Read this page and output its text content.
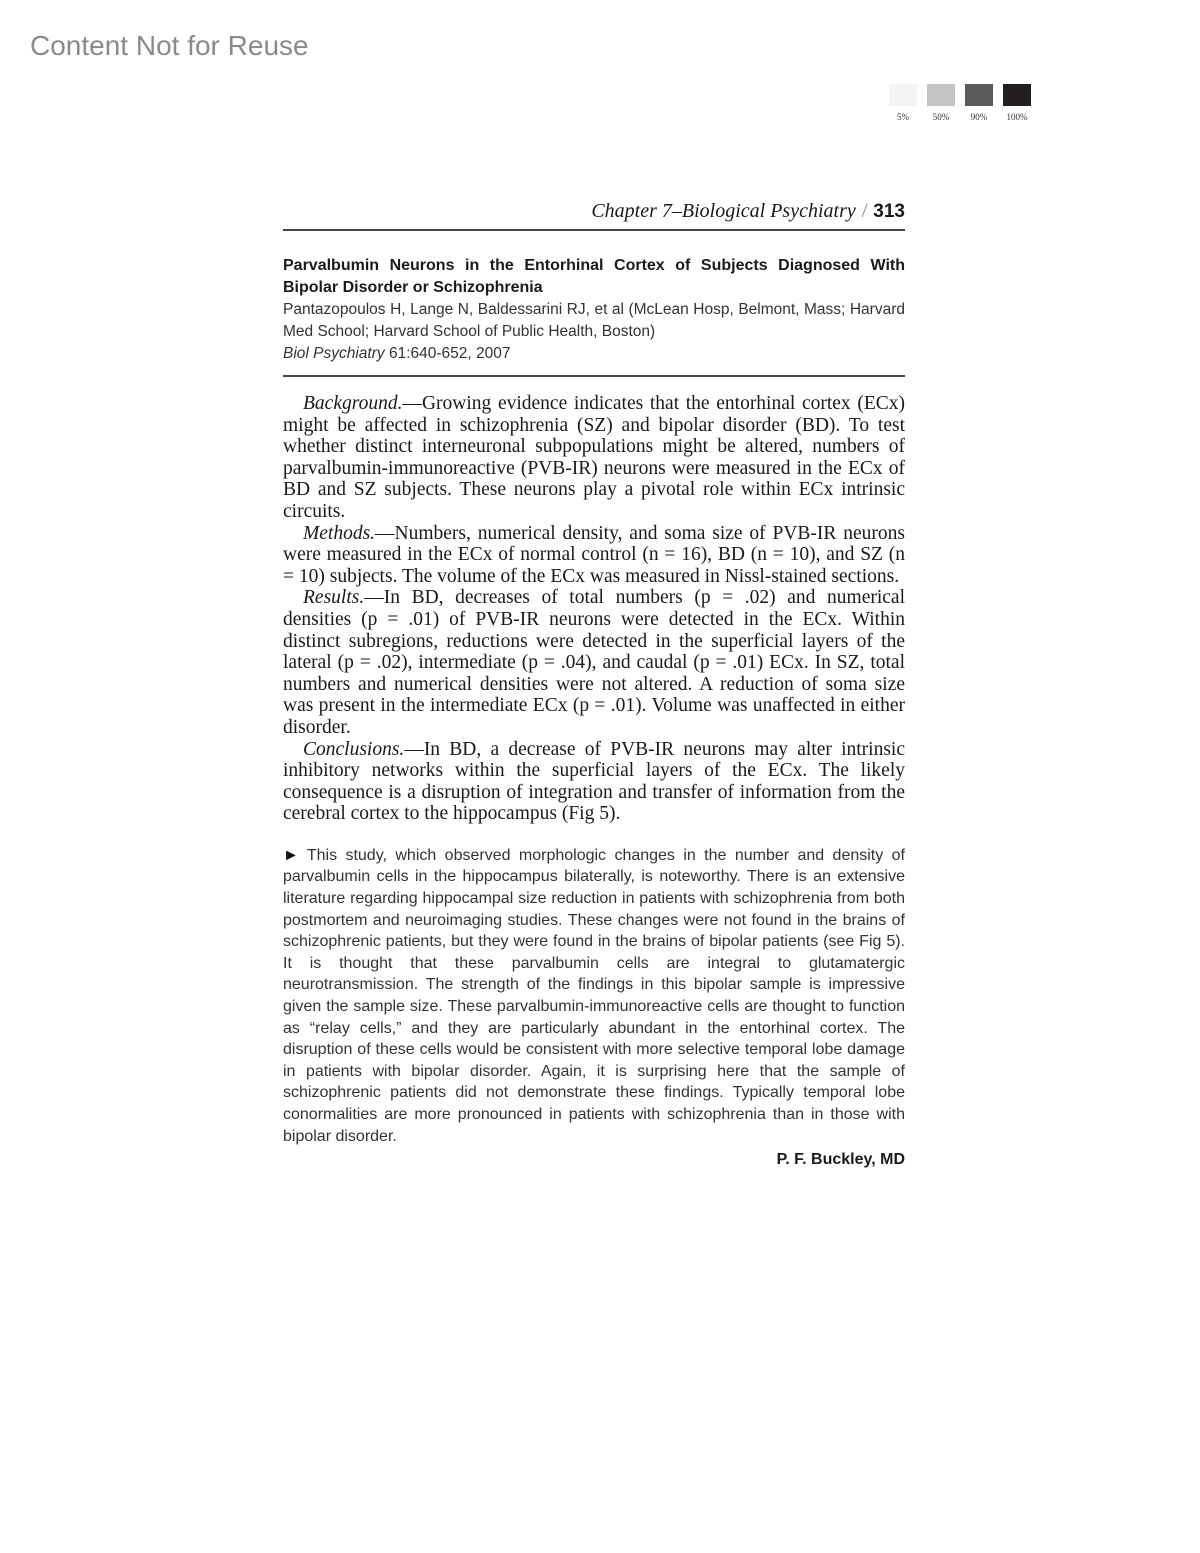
Content Not for Reuse
5%	50%	90%	100%
Chapter 7–Biological Psychiatry / 313
Parvalbumin Neurons in the Entorhinal Cortex of Subjects Diagnosed With Bipolar Disorder or Schizophrenia
Pantazopoulos H, Lange N, Baldessarini RJ, et al (McLean Hosp, Belmont, Mass; Harvard Med School; Harvard School of Public Health, Boston)
Biol Psychiatry 61:640-652, 2007

Background.—Growing evidence indicates that the entorhinal cortex (ECx) might be affected in schizophrenia (SZ) and bipolar disorder (BD). To test whether distinct interneuronal subpopulations might be altered, numbers of parvalbumin-immunoreactive (PVB-IR) neurons were measured in the ECx of BD and SZ subjects. These neurons play a pivotal role within ECx intrinsic circuits.

Methods.—Numbers, numerical density, and soma size of PVB-IR neurons were measured in the ECx of normal control (n = 16), BD (n = 10), and SZ (n = 10) subjects. The volume of the ECx was measured in Nissl-stained sections.

Results.—In BD, decreases of total numbers (p = .02) and numerical densities (p = .01) of PVB-IR neurons were detected in the ECx. Within distinct subregions, reductions were detected in the superficial layers of the lateral (p = .02), intermediate (p = .04), and caudal (p = .01) ECx. In SZ, total numbers and numerical densities were not altered. A reduction of soma size was present in the intermediate ECx (p = .01). Volume was unaffected in either disorder.

Conclusions.—In BD, a decrease of PVB-IR neurons may alter intrinsic inhibitory networks within the superficial layers of the ECx. The likely consequence is a disruption of integration and transfer of information from the cerebral cortex to the hippocampus (Fig 5).

► This study, which observed morphologic changes in the number and density of parvalbumin cells in the hippocampus bilaterally, is noteworthy. There is an extensive literature regarding hippocampal size reduction in patients with schizophrenia from both postmortem and neuroimaging studies. These changes were not found in the brains of schizophrenic patients, but they were found in the brains of bipolar patients (see Fig 5). It is thought that these parvalbumin cells are integral to glutamatergic neurotransmission. The strength of the findings in this bipolar sample is impressive given the sample size. These parvalbumin-immunoreactive cells are thought to function as “relay cells,” and they are particularly abundant in the entorhinal cortex. The disruption of these cells would be consistent with more selective temporal lobe damage in patients with bipolar disorder. Again, it is surprising here that the sample of schizophrenic patients did not demonstrate these findings. Typically temporal lobe conormalities are more pronounced in patients with schizophrenia than in those with bipolar disorder.
P. F. Buckley, MD
